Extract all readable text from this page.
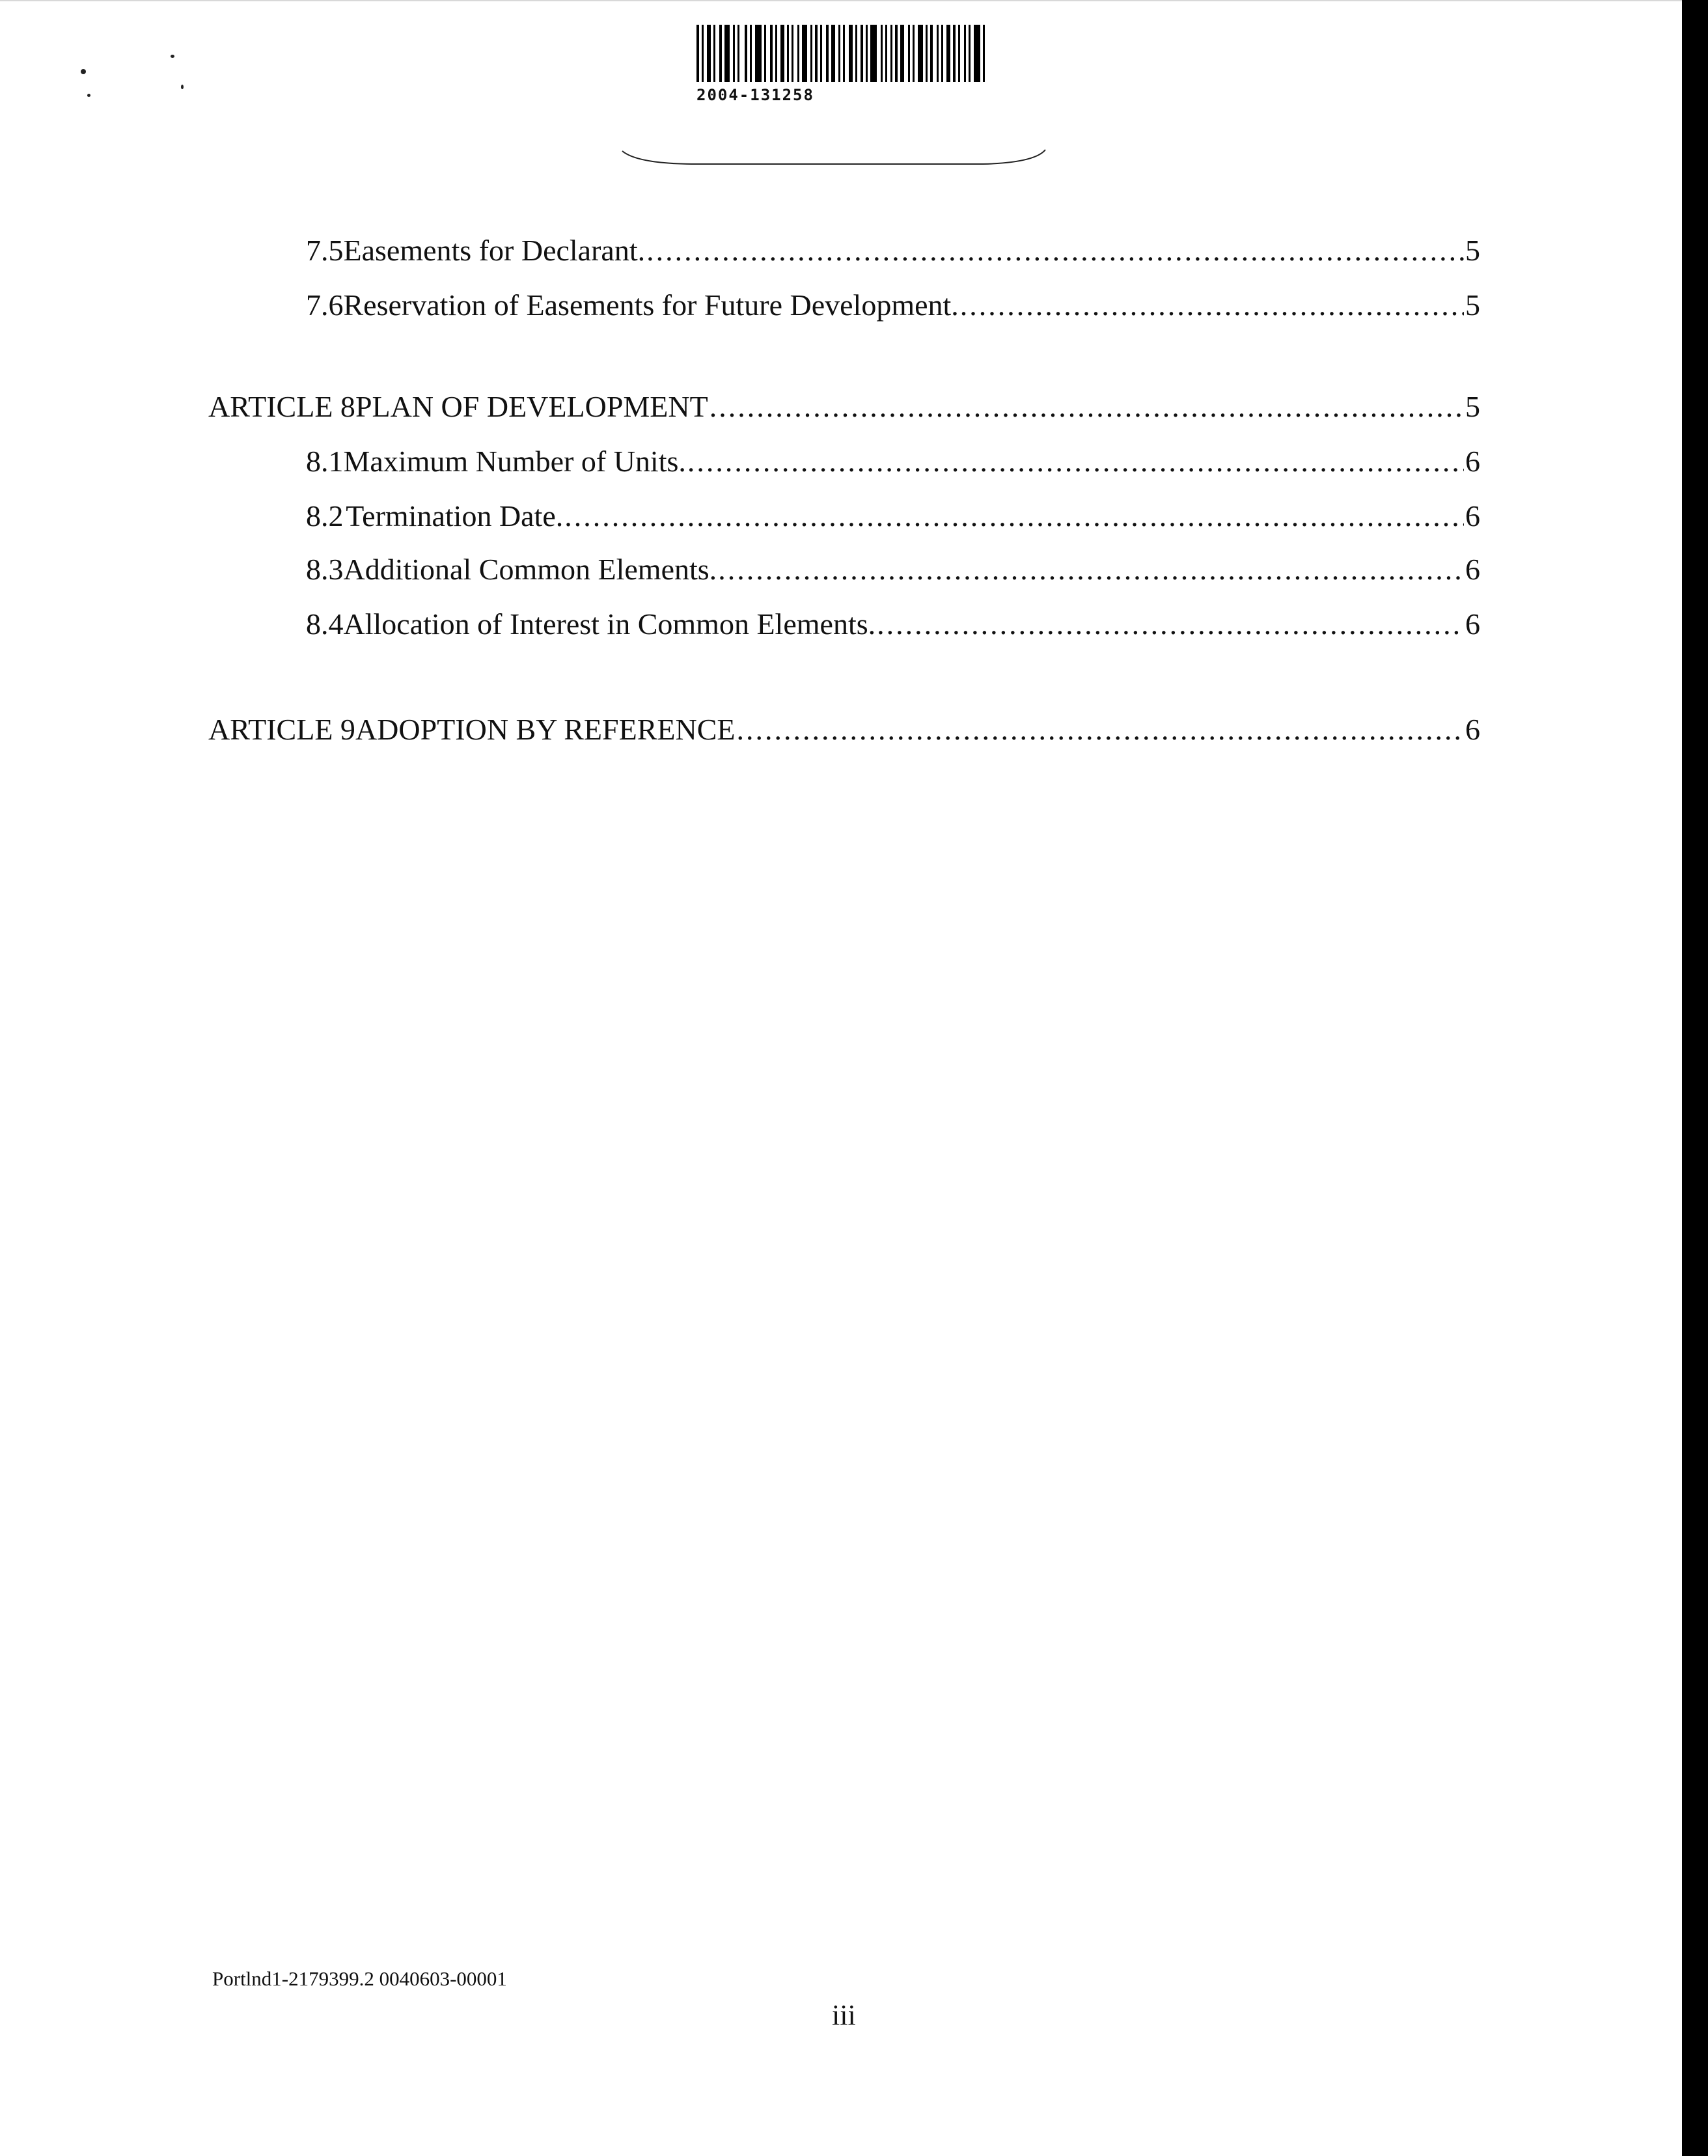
2004-131258
7.5 Easements for Declarant. .....	5
7.6 Reservation of Easements for Future Development. .....	5
ARTICLE 8 PLAN OF DEVELOPMENT .....	5
8.1 Maximum Number of Units. .....	6
8.2 Termination Date. .....	6
8.3 Additional Common Elements. .....	6
8.4 Allocation of Interest in Common Elements. .....	6
ARTICLE 9 ADOPTION BY REFERENCE .....	6
Portlnd1-2179399.2 0040603-00001
iii
